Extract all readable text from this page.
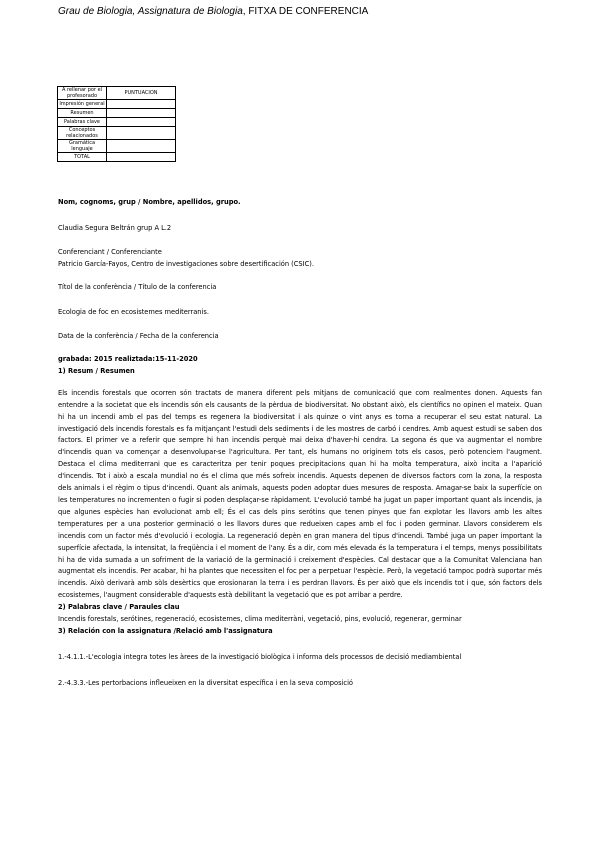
Grau de Biologia, Assignatura de Biologia, FITXA DE CONFERENCIA
A rellenar por el profesorado	PUNTUACION
Impresión general	
Resumen	
Palabras clave	
Conceptos relacionados	
Gramática lenguaje	
TOTAL	

Nom, cognoms, grup / Nombre, apellidos, grupo.

Claudia Segura Beltrán grup A L.2

Conferenciant / Conferenciante

Patricio García-Fayos, Centro de investigaciones sobre desertificación (CSIC).

Títol de la conferència / Título de la conferencia

Ecologia de foc en ecosistemes mediterranis.

Data de la conferència / Fecha de la conferencia

grabada: 2015 realiztada:15-11-2020

1) Resum / Resumen

Els incendis forestals que ocorren són tractats de manera diferent pels mitjans de comunicació que com realmentes donen. Aquests fan entendre a la societat que els incendis són els causants de la pèrdua de biodiversitat. No obstant això, els científics no opinen el mateix. Quan hi ha un incendi amb el pas del temps es regenera la biodiversitat i als quinze o vint anys es torna a recuperar el seu estat natural. La investigació dels incendis forestals es fa mitjançant l'estudi dels sediments i de les mostres de carbó i cendres. Amb aquest estudi se saben dos factors. El primer ve a referir que sempre hi han incendis perquè mai deixa d'haver-hi cendra. La segona és que va augmentar el nombre d'incendis quan va començar a desenvolupar-se l'agricultura. Per tant, els humans no originem tots els casos, però potenciem l'augment. Destaca el clima mediterrani que es caracteritza per tenir poques precipitacions quan hi ha molta temperatura, això incita a l'aparició d'incendis. Tot i això a escala mundial no és el clima que més sofreix incendis. Aquests depenen de diversos factors com la zona, la resposta dels animals i el règim o tipus d'incendi. Quant als animals, aquests poden adoptar dues mesures de resposta. Amagar-se baix la superfície on les temperatures no incrementen o fugir si poden desplaçar-se ràpidament. L'evolució també ha jugat un paper important quant als incendis, ja que algunes espècies han evolucionat amb ell; És el cas dels pins serótins que tenen pinyes que fan explotar les llavors amb les altes temperatures per a una posterior germinació o les llavors dures que redueixen capes amb el foc i poden germinar. Llavors considerem els incendis com un factor més d'evolució i ecologia. La regeneració depèn en gran manera del tipus d'incendi. També juga un paper important la superfície afectada, la intensitat, la freqüència i el moment de l'any. És a dir, com més elevada és la temperatura i el temps, menys possibilitats hi ha de vida sumada a un sofriment de la variació de la germinació i creixement d'espècies. Cal destacar que a la Comunitat Valenciana han augmentat els incendis. Per acabar, hi ha plantes que necessiten el foc per a perpetuar l'espècie. Però, la vegetació tampoc podrà suportar més incendis. Això derivarà amb sòls desèrtics que erosionaran la terra i es perdran llavors. És per això que els incendis tot i que, són factors dels ecosistemes, l'augment considerable d'aquests està debilitant la vegetació que es pot arribar a perdre.

2) Palabras clave / Paraules clau

Incendis forestals, serótines, regeneració, ecosistemes, clima mediterràni, vegetació, pins, evolució, regenerar, germinar

3) Relación con la assignatura /Relació amb l'assignatura

1.-4.1.1.-L'ecologia integra totes les àrees de la investigació biològica i informa dels processos de decisió mediambiental

2.-4.3.3.-Les pertorbacions infleueixen en la diversitat específica i en la seva composició
